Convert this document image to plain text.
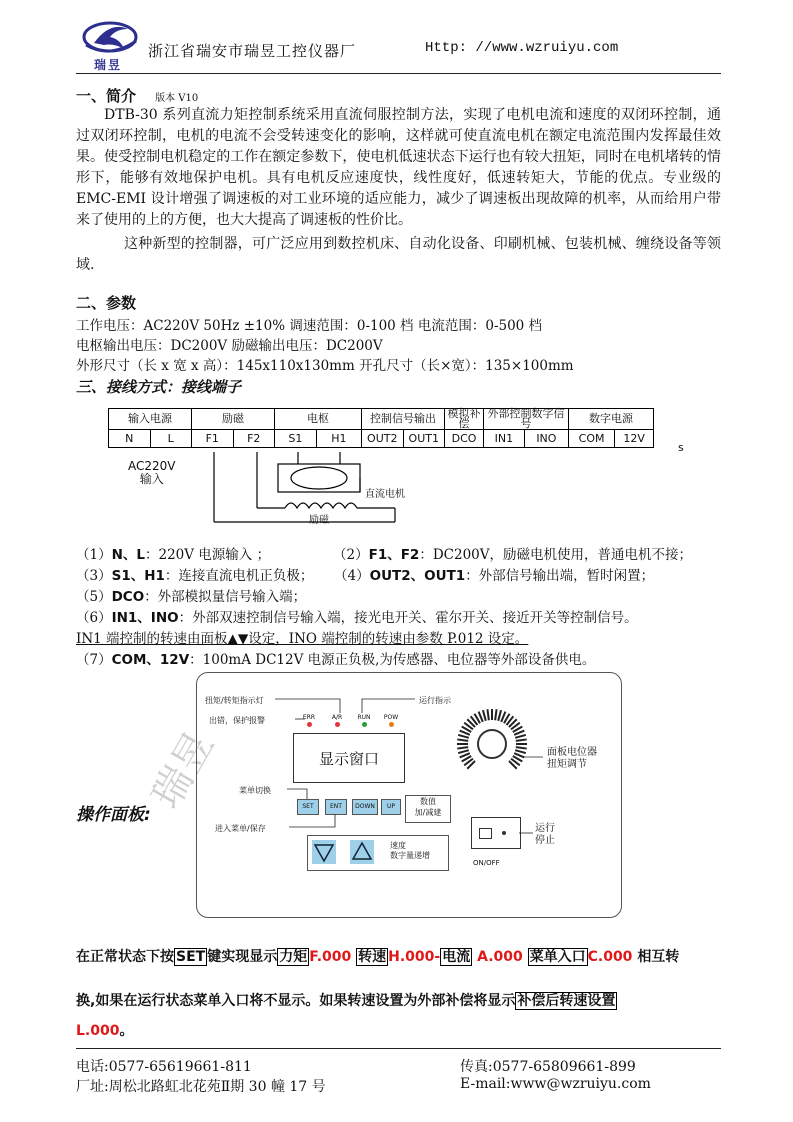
瑞昱
浙江省瑞安市瑞昱工控仪器厂	Http: //www.wzruiyu.com
瑞昱
一、简介 版本 V10

DTB-30 系列直流力矩控制系统采用直流伺服控制方法，实现了电机电流和速度的双闭环控制，通过双闭环控制，电机的电流不会受转速变化的影响，这样就可使直流电机在额定电流范围内发挥最佳效果。使受控制电机稳定的工作在额定参数下，使电机低速状态下运行也有较大扭矩，同时在电机堵转的情形下，能够有效地保护电机。具有电机反应速度快，线性度好，低速转矩大，节能的优点。专业级的 EMC-EMI 设计增强了调速板的对工业环境的适应能力，减少了调速板出现故障的机率，从而给用户带来了使用的上的方便，也大大提高了调速板的性价比。

这种新型的控制器，可广泛应用到数控机床、自动化设备、印刷机械、包装机械、缠绕设备等领域.

二、参数
工作电压：AC220V 50Hz ±10% 调速范围：0-100 档 电流范围：0-500 档
电枢输出电压：DC200V 励磁输出电压：DC200V
外形尺寸（长 x 宽 x 高）：145x110x130mm 开孔尺寸（长×宽）：135×100mm
三、接线方式：接线端子
输入电源		励磁		电枢		控制信号输出		模拟补偿	外部控制数字信号		数字电源	
N	L	F1	F2	S1	H1	OUT2	OUT1	DCO	IN1	INO	COM	12V
s
AC220V
输入
直流电机
励磁
（1）N、L：220V 电源输入 ；	（2）F1、F2：DC200V，励磁电机使用，普通电机不接；
（3）S1、H1：连接直流电机正负极； （4）OUT2、OUT1：外部信号输出端，暂时闲置；
（5）DCO：外部模拟量信号输入端；
（6）IN1、INO：外部双速控制信号输入端，接光电开关、霍尔开关、接近开关等控制信号。
IN1 端控制的转速由面板▲▼设定，INO 端控制的转速由参数 P.012 设定。
（7）COM、12V：100mA DC12V 电源正负极,为传感器、电位器等外部设备供电。
操作面板:
扭矩/转矩指示灯	运行指示
出错，保护报警	ERR	A/R	RUN POW
显示窗口	面板电位器
扭矩调节
菜单切换
进入菜单/保存
SET	ENT	DOWN	UP
数值
加/减建
速度
数字量递增
ON/OFF
运行
停止
在正常状态下按 SET 键实现显示 力矩 F.000 转速 H.000- 电流 A.000 菜单入口 C.000 相互转
换,如果在运行状态菜单入口将不显示。如果转速设置为外部补偿将显示 补偿后转速设置
L.000。
电话:0577-65619661-811	传真:0577-65809661-899
厂址:周松北路虹北花苑Ⅱ期 30 幢 17 号	E-mail:www@wzruiyu.com
